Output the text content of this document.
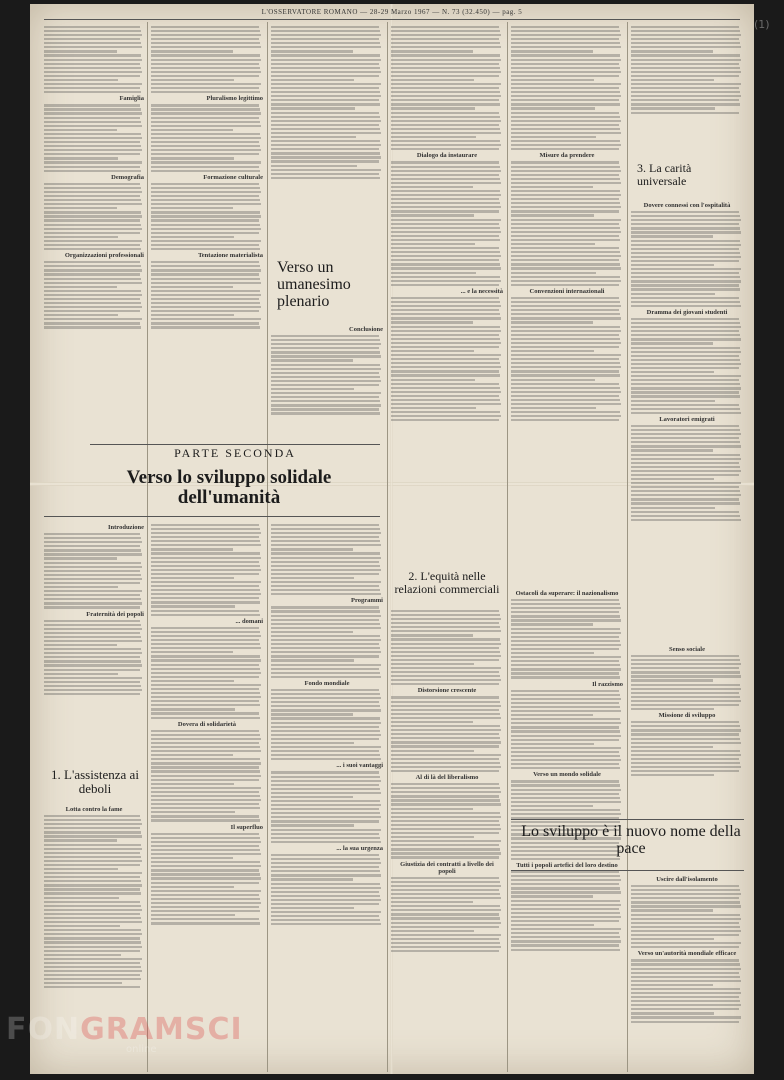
L'OSSERVATORE ROMANO — 28-29 Marzo 1967 — N. 73 (32.450) — pag. 5
(1)
Famiglia
Demografia
Organizzazioni professionali
Pluralismo legittimo
Formazione culturale
Tentazione materialista
Verso un umanesimo plenario
Conclusione
Dialogo da instaurare
... e la necessità
Misure da prendere
Convenzioni internazionali
3. La carità universale
Dovere connessi con l'ospitalità
Dramma dei giovani studenti
Lavoratori emigrati
PARTE SECONDA
Verso lo sviluppo solidale dell'umanità
Introduzione
Fraternità dei popoli
1. L'assistenza ai deboli
Lotta contro la fame
... domani
Dovera di solidarietà
Il superfluo
Programmi
Fondo mondiale
... i suoi vantaggi
... la sua urgenza
2. L'equità nelle relazioni commerciali
Distorsione crescente
Al di là del liberalismo
Giustizia dei contratti a livello dei popoli
Ostacoli da superare: il nazionalismo
Il razzismo
Verso un mondo solidale
Tutti i popoli artefici del loro destino
Senso sociale
Missione di sviluppo
Lo sviluppo è il nuovo nome della pace
Uscire dall'isolamento
Verso un'autorità mondiale efficace
FONGRAMSCI
online
